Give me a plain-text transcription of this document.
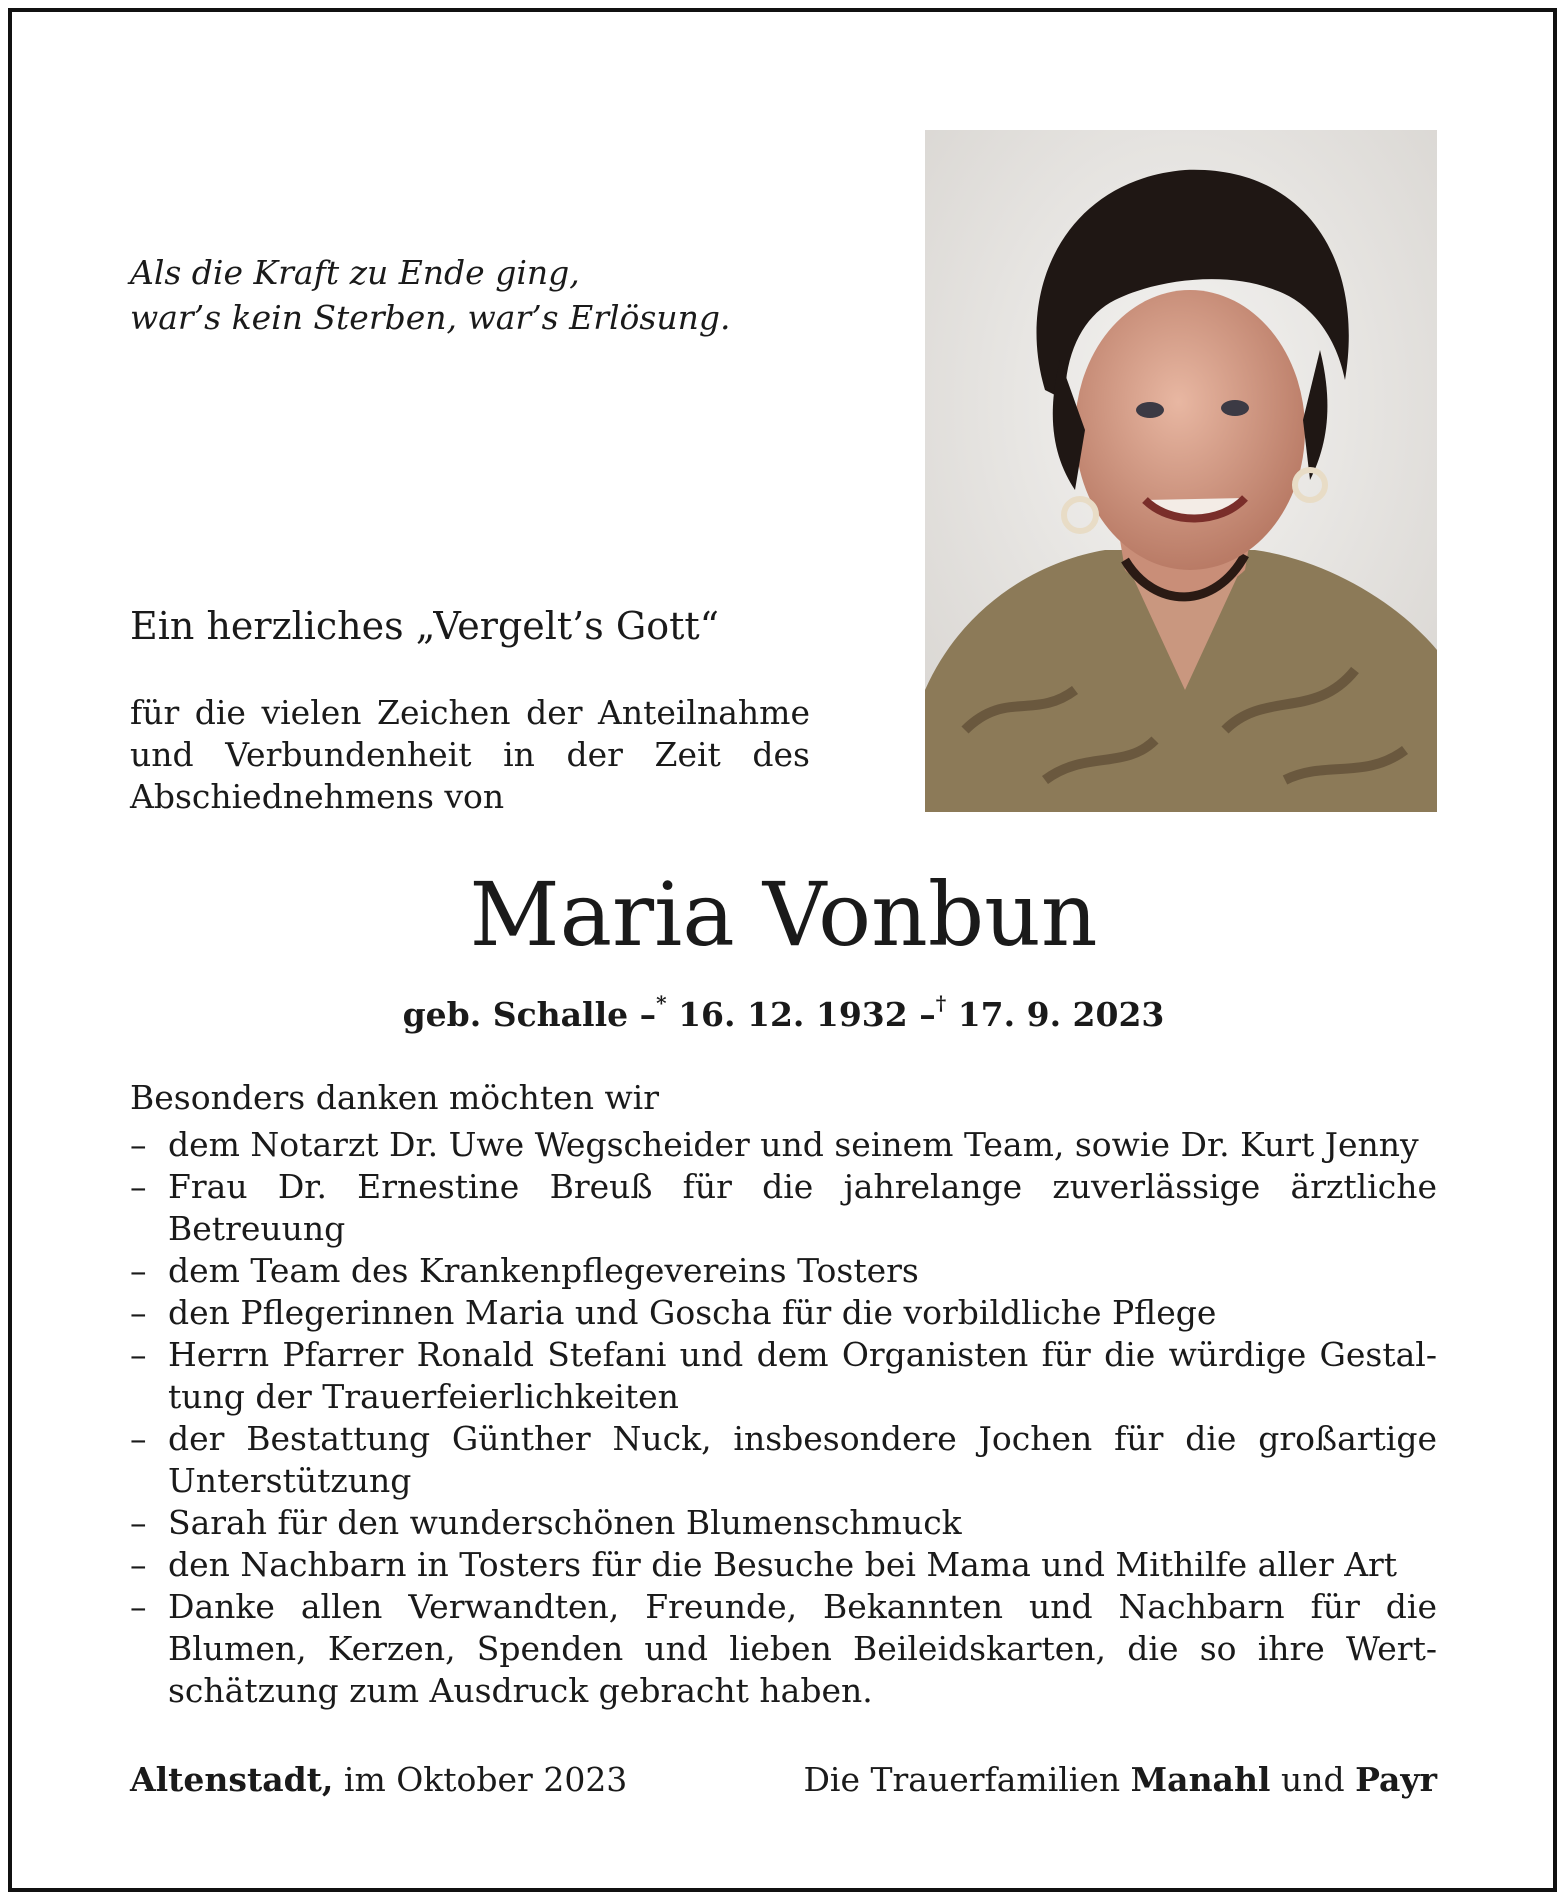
Als die Kraft zu Ende ging,
war’s kein Sterben, war’s Erlösung.
Ein herzliches „Vergelt’s Gott“
für die vielen Zeichen der Anteilnahme und Verbundenheit in der Zeit des Abschiednehmens von
Maria Vonbun
geb. Schalle –* 16. 12. 1932 –† 17. 9. 2023
Besonders danken möchten wir
– dem Notarzt Dr. Uwe Wegscheider und seinem Team, sowie Dr. Kurt Jenny
– Frau Dr. Ernestine Breuß für die jahrelange zuverlässige ärztliche Betreuung
– dem Team des Krankenpflegevereins Tosters
– den Pflegerinnen Maria und Goscha für die vorbildliche Pflege
– Herrn Pfarrer Ronald Stefani und dem Organisten für die würdige Gestaltung der Trauerfeierlichkeiten
– der Bestattung Günther Nuck, insbesondere Jochen für die großartige Unterstützung
– Sarah für den wunderschönen Blumenschmuck
– den Nachbarn in Tosters für die Besuche bei Mama und Mithilfe aller Art
– Danke allen Verwandten, Freunde, Bekannten und Nachbarn für die Blumen, Kerzen, Spenden und lieben Beileidskarten, die so ihre Wertschätzung zum Ausdruck gebracht haben.
Altenstadt, im Oktober 2023	Die Trauerfamilien Manahl und Payr
